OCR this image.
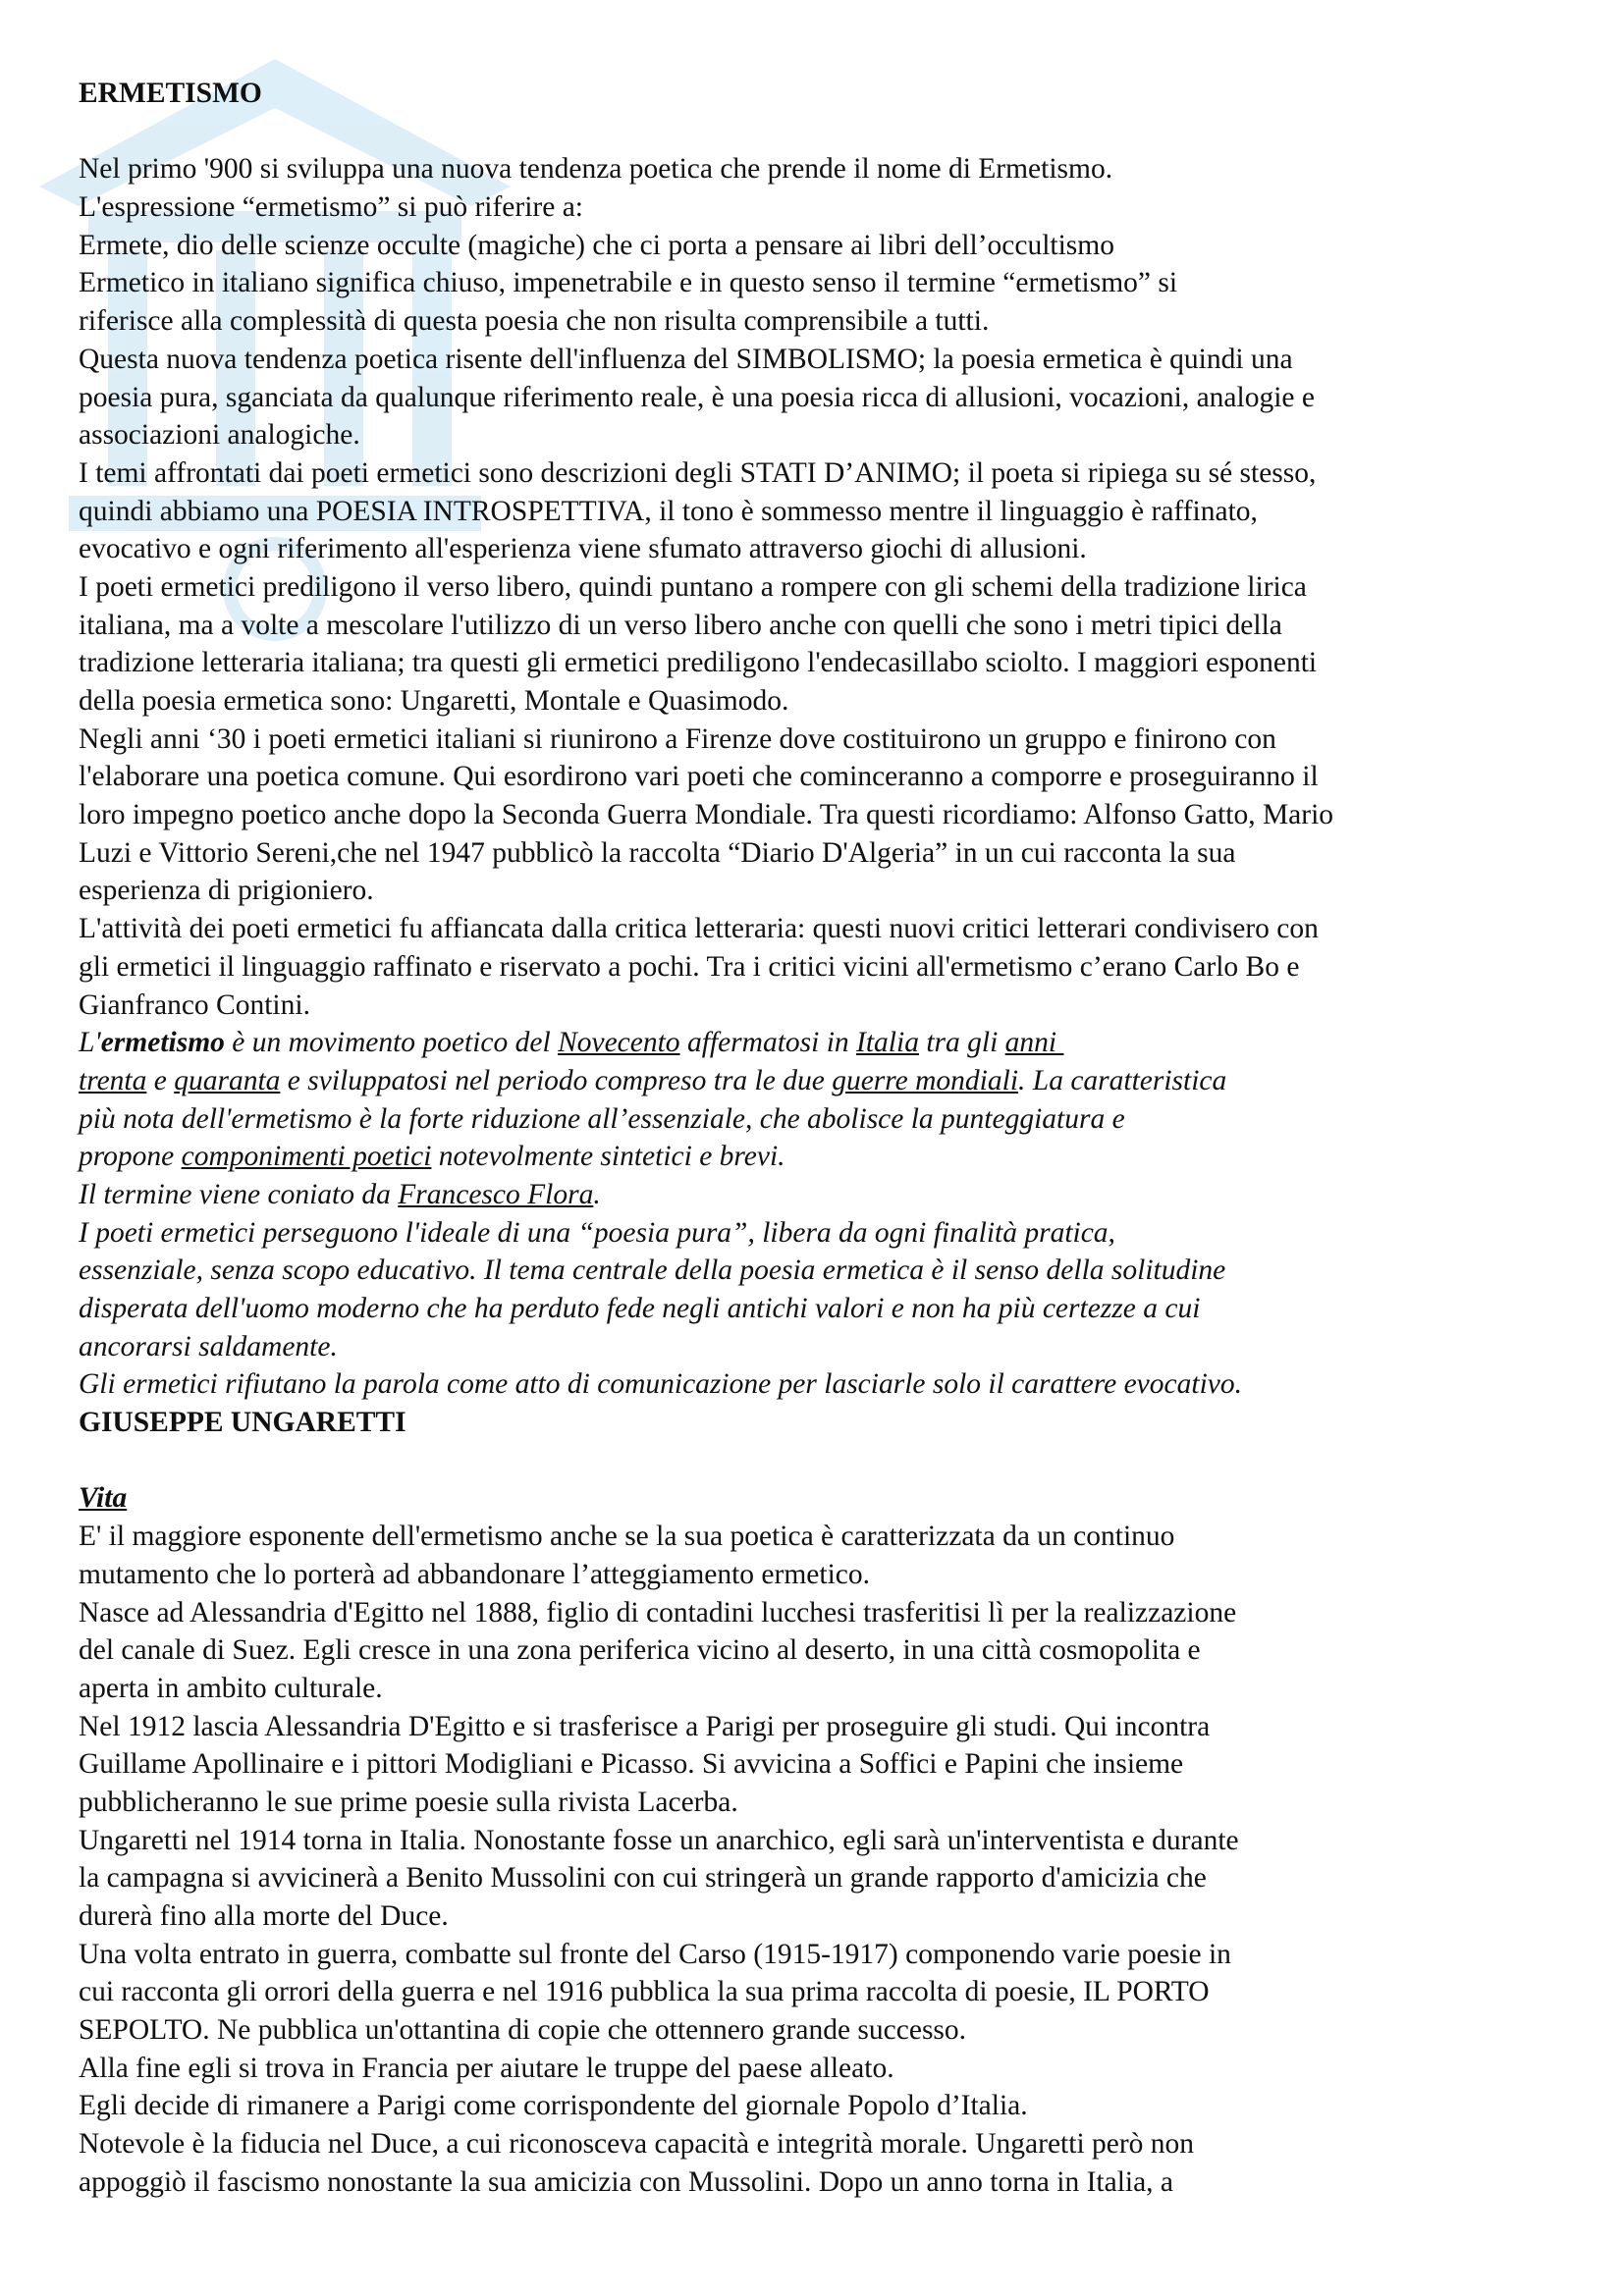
ERMETISMO
Nel primo '900 si sviluppa una nuova tendenza poetica che prende il nome di Ermetismo.
L'espressione “ermetismo” si può riferire a:
Ermete, dio delle scienze occulte (magiche) che ci porta a pensare ai libri dell’occultismo
Ermetico in italiano significa chiuso, impenetrabile e in questo senso il termine “ermetismo” si
riferisce alla complessità di questa poesia che non risulta comprensibile a tutti.
Questa nuova tendenza poetica risente dell'influenza del SIMBOLISMO; la poesia ermetica è quindi una
poesia pura, sganciata da qualunque riferimento reale, è una poesia ricca di allusioni, vocazioni, analogie e
associazioni analogiche.
I temi affrontati dai poeti ermetici sono descrizioni degli STATI D’ANIMO; il poeta si ripiega su sé stesso,
quindi abbiamo una POESIA INTROSPETTIVA, il tono è sommesso mentre il linguaggio è raffinato,
evocativo e ogni riferimento all'esperienza viene sfumato attraverso giochi di allusioni.
I poeti ermetici prediligono il verso libero, quindi puntano a rompere con gli schemi della tradizione lirica
italiana, ma a volte a mescolare l'utilizzo di un verso libero anche con quelli che sono i metri tipici della
tradizione letteraria italiana; tra questi gli ermetici prediligono l'endecasillabo sciolto. I maggiori esponenti
della poesia ermetica sono: Ungaretti, Montale e Quasimodo.
Negli anni ‘30 i poeti ermetici italiani si riunirono a Firenze dove costituirono un gruppo e finirono con
l'elaborare una poetica comune. Qui esordirono vari poeti che cominceranno a comporre e proseguiranno il
loro impegno poetico anche dopo la Seconda Guerra Mondiale. Tra questi ricordiamo: Alfonso Gatto, Mario
Luzi e Vittorio Sereni,che nel 1947 pubblicò la raccolta “Diario D'Algeria” in un cui racconta la sua
esperienza di prigioniero.
L'attività dei poeti ermetici fu affiancata dalla critica letteraria: questi nuovi critici letterari condivisero con
gli ermetici il linguaggio raffinato e riservato a pochi. Tra i critici vicini all'ermetismo c’erano Carlo Bo e
Gianfranco Contini.
L'ermetismo è un movimento poetico del Novecento affermatosi in Italia tra gli anni
trenta e quaranta e sviluppatosi nel periodo compreso tra le due guerre mondiali. La caratteristica
più nota dell'ermetismo è la forte riduzione all’essenziale, che abolisce la punteggiatura e
propone componimenti poetici notevolmente sintetici e brevi.
Il termine viene coniato da Francesco Flora.
I poeti ermetici perseguono l'ideale di una “poesia pura”, libera da ogni finalità pratica,
essenziale, senza scopo educativo. Il tema centrale della poesia ermetica è il senso della solitudine
disperata dell'uomo moderno che ha perduto fede negli antichi valori e non ha più certezze a cui
ancorarsi saldamente.
Gli ermetici rifiutano la parola come atto di comunicazione per lasciarle solo il carattere evocativo.
GIUSEPPE UNGARETTI
Vita
E' il maggiore esponente dell'ermetismo anche se la sua poetica è caratterizzata da un continuo
mutamento che lo porterà ad abbandonare l’atteggiamento ermetico.
Nasce ad Alessandria d'Egitto nel 1888, figlio di contadini lucchesi trasferitisi lì per la realizzazione
del canale di Suez. Egli cresce in una zona periferica vicino al deserto, in una città cosmopolita e
aperta in ambito culturale.
Nel 1912 lascia Alessandria D'Egitto e si trasferisce a Parigi per proseguire gli studi. Qui incontra
Guillame Apollinaire e i pittori Modigliani e Picasso. Si avvicina a Soffici e Papini che insieme
pubblicheranno le sue prime poesie sulla rivista Lacerba.
Ungaretti nel 1914 torna in Italia. Nonostante fosse un anarchico, egli sarà un'interventista e durante
la campagna si avvicinerà a Benito Mussolini con cui stringerà un grande rapporto d'amicizia che
durerà fino alla morte del Duce.
Una volta entrato in guerra, combatte sul fronte del Carso (1915-1917) componendo varie poesie in
cui racconta gli orrori della guerra e nel 1916 pubblica la sua prima raccolta di poesie, IL PORTO
SEPOLTO. Ne pubblica un'ottantina di copie che ottennero grande successo.
Alla fine egli si trova in Francia per aiutare le truppe del paese alleato.
Egli decide di rimanere a Parigi come corrispondente del giornale Popolo d’Italia.
Notevole è la fiducia nel Duce, a cui riconosceva capacità e integrità morale. Ungaretti però non
appoggiò il fascismo nonostante la sua amicizia con Mussolini. Dopo un anno torna in Italia, a
